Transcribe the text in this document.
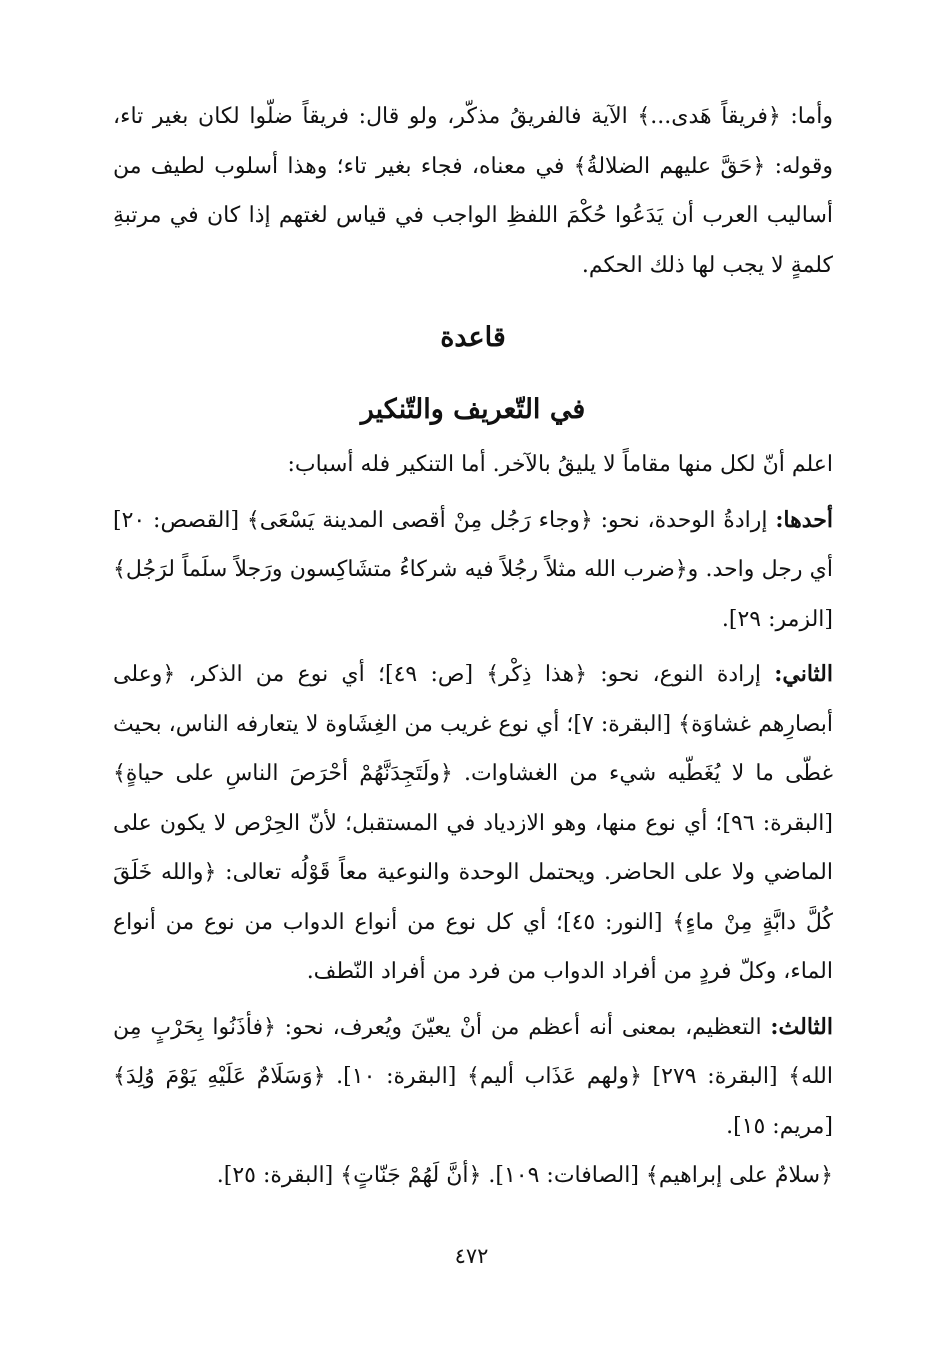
وأما: ﴿فريقاً هَدى...﴾ الآية فالفريقُ مذكّر، ولو قال: فريقاً ضلّوا لكان بغير تاء، وقوله: ﴿حَقَّ عليهم الضلالةُ﴾ في معناه، فجاء بغير تاء؛ وهذا أسلوب لطيف من أساليب العرب أن يَدَعُوا حُكْمَ اللفظِ الواجب في قياس لغتهم إذا كان في مرتبةِ كلمةٍ لا يجب لها ذلك الحكم.

قاعدة
في التّعريف والتّنكير

اعلم أنّ لكل منها مقاماً لا يليقُ بالآخر. أما التنكير فله أسباب:

أحدها: إرادةُ الوحدة، نحو: ﴿وجاء رَجُل مِنْ أقصى المدينة يَسْعَى﴾ [القصص: ٢٠] أي رجل واحد. و﴿ضرب الله مثلاً رجُلاً فيه شركاءُ متشَاكِسون ورَجلاً سلَماً لرَجُل﴾ [الزمر: ٢٩].

الثاني: إرادة النوع، نحو: ﴿هذا ذِكْر﴾ [ص: ٤٩]؛ أي نوع من الذكر، ﴿وعلى أبصارِهم غشاوَة﴾ [البقرة: ٧]؛ أي نوع غريب من الغِشَاوة لا يتعارفه الناس، بحيث غطّى ما لا يُغَطّيه شيء من الغشاوات. ﴿ولَتَجِدَنَّهُمْ أحْرَصَ الناسِ على حياةٍ﴾ [البقرة: ٩٦]؛ أي نوع منها، وهو الازدياد في المستقبل؛ لأنّ الحِرْص لا يكون على الماضي ولا على الحاضر. ويحتمل الوحدة والنوعية معاً قَوْلُه تعالى: ﴿والله خَلَقَ كُلَّ دابَّةٍ مِنْ ماءٍ﴾ [النور: ٤٥]؛ أي كل نوع من أنواع الدواب من نوع من أنواع الماء، وكلّ فردٍ من أفراد الدواب من فرد من أفراد النّطف.

الثالث: التعظيم، بمعنى أنه أعظم من أنْ يعيّنَ ويُعرف، نحو: ﴿فأذَنُوا بِحَرْبٍ مِن الله﴾ [البقرة: ٢٧٩] ﴿ولهم عَذَاب أليم﴾ [البقرة: ١٠]. ﴿وَسَلَامٌ عَلَيْهِ يَوْمَ وُلِدَ﴾ [مريم: ١٥].

﴿سلامٌ على إبراهيم﴾ [الصافات: ١٠٩]. ﴿أنَّ لَهُمْ جَنّاتٍ﴾ [البقرة: ٢٥].

٤٧٢
